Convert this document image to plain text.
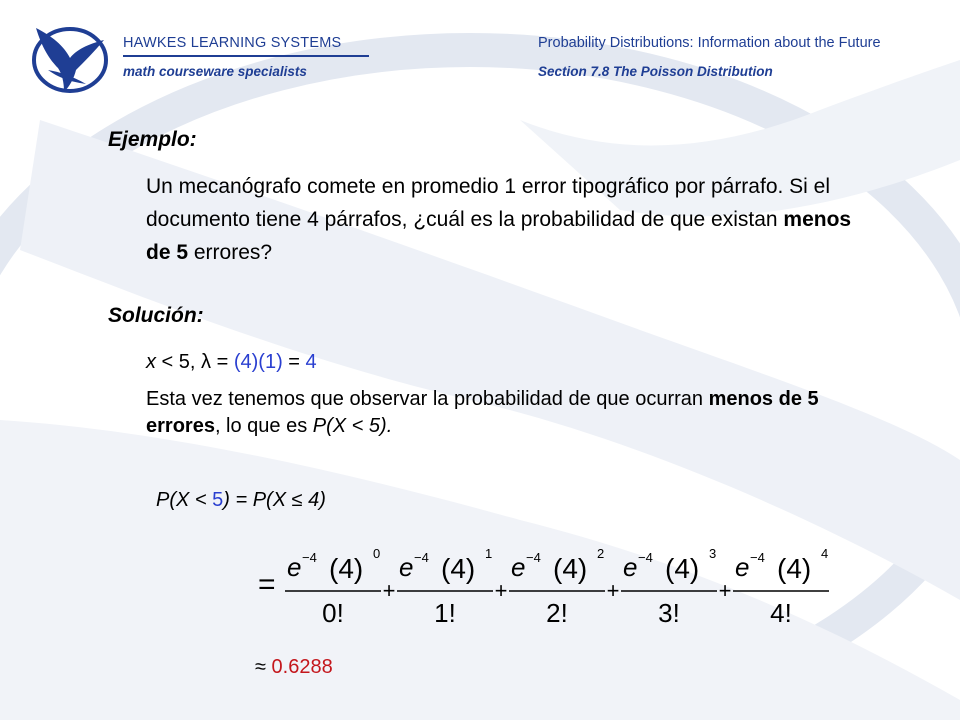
HAWKES LEARNING SYSTEMS
math courseware specialists
Probability Distributions: Information about the Future
Section 7.8 The Poisson Distribution
Ejemplo:
Un mecanógrafo comete en promedio 1 error tipográfico por párrafo. Si el documento tiene 4 párrafos, ¿cuál es la probabilidad de que existan menos de 5 errores?
Solución:
x < 5, λ = (4)(1) = 4
Esta vez tenemos que observar la probabilidad de que ocurran menos de 5 errores, lo que es P(X < 5).
P(X < 5) = P(X ≤ 4)
=
e −4 (4) 0
0!
+
e −4 (4) 1
1!
+
e −4 (4) 2
2!
+
e −4 (4) 3
3!
+
e −4 (4) 4
4!
≈ 0.6288
